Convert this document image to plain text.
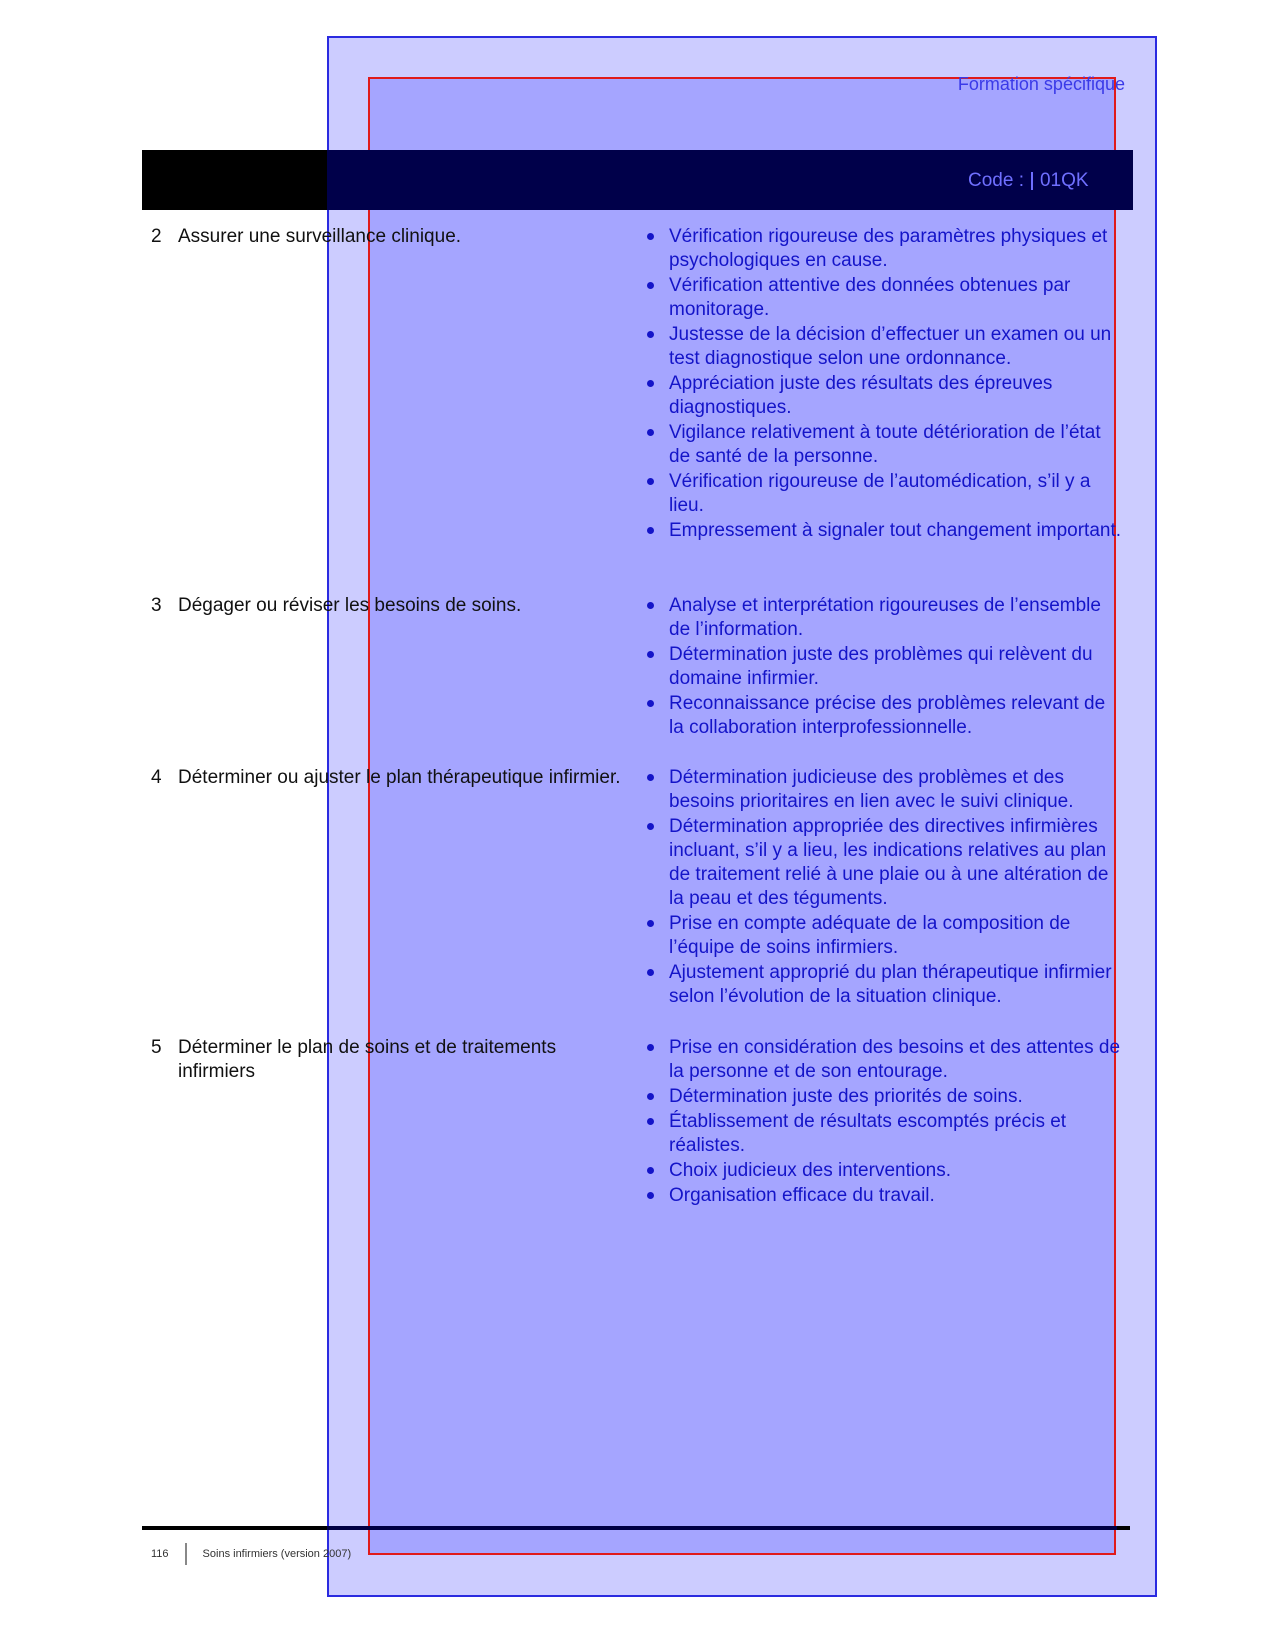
Formation spécifique
Code : 01QK
2 Assurer une surveillance clinique.	Vérification rigoureuse des paramètres physiques et psychologiques en cause.
Vérification attentive des données obtenues par monitorage.
Justesse de la décision d’effectuer un examen ou un test diagnostique selon une ordonnance.
Appréciation juste des résultats des épreuves diagnostiques.
Vigilance relativement à toute détérioration de l’état de santé de la personne.
Vérification rigoureuse de l’automédication, s’il y a lieu.
Empressement à signaler tout changement important.
3 Dégager ou réviser les besoins de soins.	Analyse et interprétation rigoureuses de l’ensemble de l’information.
Détermination juste des problèmes qui relèvent du domaine infirmier.
Reconnaissance précise des problèmes relevant de la collaboration interprofessionnelle.
4 Déterminer ou ajuster le plan thérapeutique infirmier.	Détermination judicieuse des problèmes et des besoins prioritaires en lien avec le suivi clinique.
Détermination appropriée des directives infirmières incluant, s’il y a lieu, les indications relatives au plan de traitement relié à une plaie ou à une altération de la peau et des téguments.
Prise en compte adéquate de la composition de l’équipe de soins infirmiers.
Ajustement approprié du plan thérapeutique infirmier selon l’évolution de la situation clinique.
5 Déterminer le plan de soins et de traitements infirmiers
Prise en considération des besoins et des attentes de la personne et de son entourage.
Détermination juste des priorités de soins.
Établissement de résultats escomptés précis et réalistes.
Choix judicieux des interventions.
Organisation efficace du travail.
116	Soins infirmiers (version 2007)
